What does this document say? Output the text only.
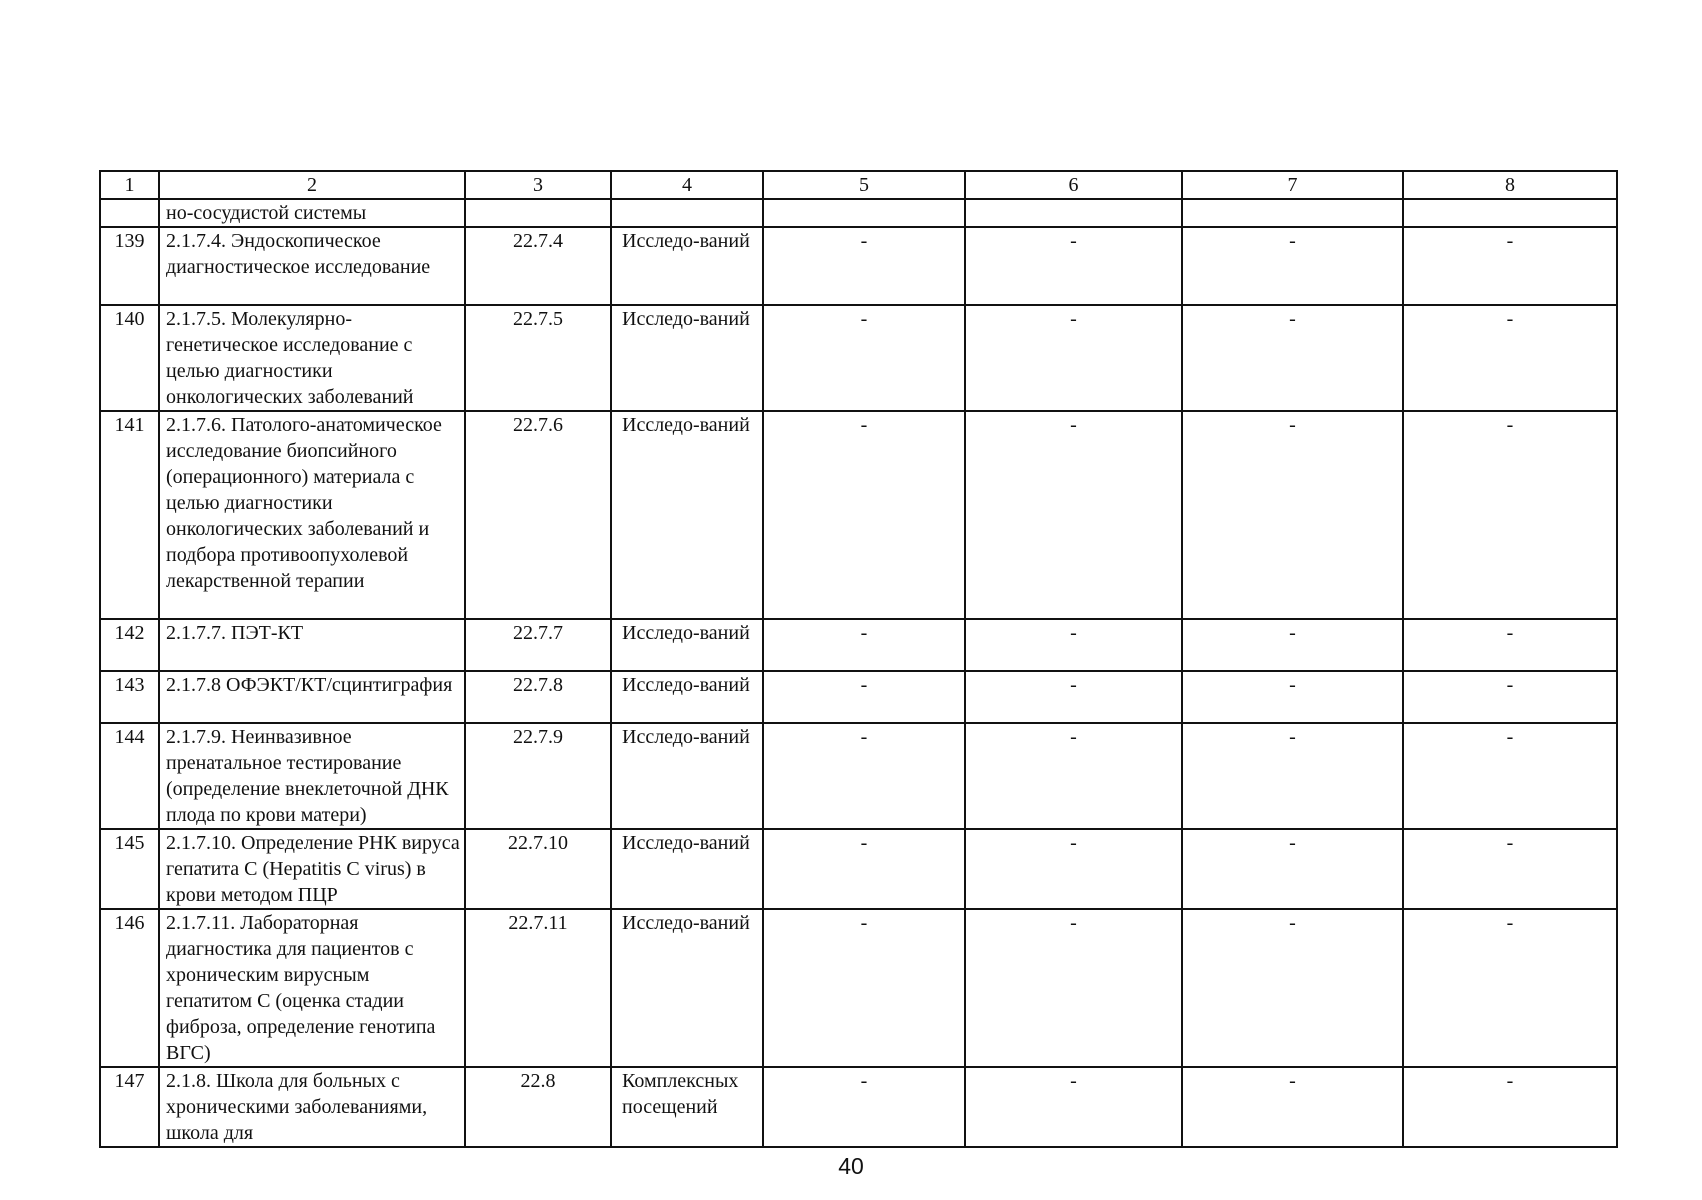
1	2	3	4	5	6	7	8
	но-сосудистой системы						
139	2.1.7.4. Эндоскопическое диагностическое исследование	22.7.4	Исследо-ваний	-	-	-	-
140	2.1.7.5. Молекулярно-генетическое исследование с целью диагностики онкологических заболеваний	22.7.5	Исследо-ваний	-	-	-	-
141	2.1.7.6. Патолого-анатомическое исследование биопсийного (операционного) материала с целью диагностики онкологических заболеваний и подбора противоопухолевой лекарственной терапии	22.7.6	Исследо-ваний	-	-	-	-
142	2.1.7.7. ПЭТ-КТ	22.7.7	Исследо-ваний	-	-	-	-
143	2.1.7.8 ОФЭКТ/КТ/сцинтиграфия	22.7.8	Исследо-ваний	-	-	-	-
144	2.1.7.9. Неинвазивное пренатальное тестирование (определение внеклеточной ДНК плода по крови матери)	22.7.9	Исследо-ваний	-	-	-	-
145	2.1.7.10. Определение РНК вируса гепатита С (Hepatitis C virus) в крови методом ПЦР	22.7.10	Исследо-ваний	-	-	-	-
146	2.1.7.11. Лабораторная диагностика для пациентов с хроническим вирусным гепатитом С (оценка стадии фиброза, определение генотипа ВГС)	22.7.11	Исследо-ваний	-	-	-	-
147	2.1.8. Школа для больных с хроническими заболеваниями, школа для	22.8	Комплексных посещений	-	-	-	-
40
